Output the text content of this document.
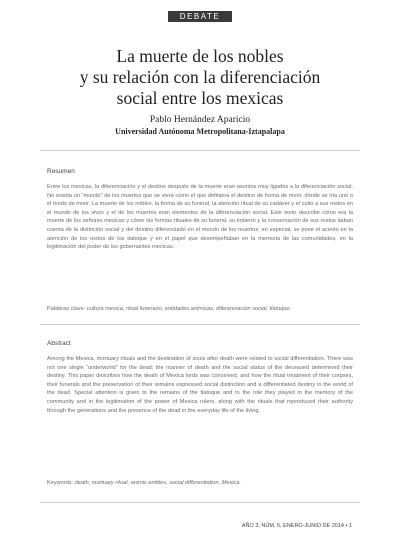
DEBATE
La muerte de los nobles
y su relación con la diferenciación
social entre los mexicas
Pablo Hernández Aparicio
Universidad Autónoma Metropolitana-Iztapalapa
Resumen

Entre los mexicas, la diferenciación y el destino después de la muerte eran asuntos muy ligados a la diferenciación social. No existía un “mundo” de los muertos que se viera como el que definiera el destino de forma de morir, dónde se iría uno o el modo de morir. La muerte de los nobles, la forma de su funeral, la atención ritual de su cadáver y el culto a sus restos en el mundo de los vivos y el de los muertos eran elementos de la diferenciación social. Este texto describe cómo era la muerte de los señores mexicas y cómo las formas rituales de su funeral, su entierro y la conservación de sus restos daban cuenta de la distinción social y del destino diferenciado en el mundo de los muertos; en especial, se pone el acento en la atención de los restos de los tlatoque y en el papel que desempeñaban en la memoria de las comunidades, en la legitimación del poder de los gobernantes mexicas.

Palabras clave: cultura mexica, ritual funerario, entidades anímicas, diferenciación social, tlatoque.
Abstract

Among the Mexica, mortuary rituals and the destination of souls after death were related to social differentiation. There was not one single “underworld” for the dead; the manner of death and the social status of the deceased determined their destiny. This paper describes how the death of Mexica lords was conceived, and how the ritual treatment of their corpses, their funerals and the preservation of their remains expressed social distinction and a differentiated destiny in the world of the dead. Special attention is given to the remains of the tlatoque and to the role they played in the memory of the community and in the legitimation of the power of Mexica rulers, along with the rituals that reproduced their authority through the generations and the presence of the dead in the everyday life of the living.

Keywords: death, mortuary ritual, animic entities, social differentiation, Mexica.
AÑO 3, NÚM. 6, ENERO-JUNIO DE 2014 • 1
